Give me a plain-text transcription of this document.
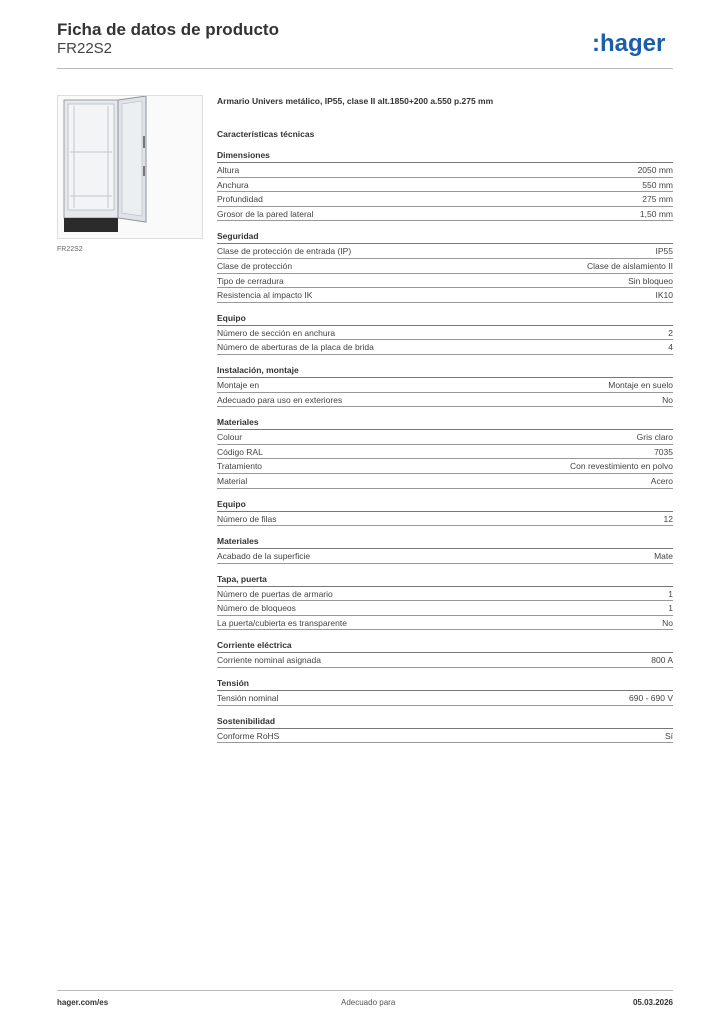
Ficha de datos de producto
FR22S2	:hager
FR22S2
Armario Univers metálico, IP55, clase II alt.1850+200 a.550 p.275 mm
Características técnicas
Dimensiones
Altura	2050 mm
Anchura	550 mm
Profundidad	275 mm
Grosor de la pared lateral	1,50 mm
Seguridad
Clase de protección de entrada (IP)	IP55
Clase de protección	Clase de aislamiento II
Tipo de cerradura	Sin bloqueo
Resistencia al impacto IK	IK10
Equipo
Número de sección en anchura	2
Número de aberturas de la placa de brida	4
Instalación, montaje
Montaje en	Montaje en suelo
Adecuado para uso en exteriores	No
Materiales
Colour	Gris claro
Código RAL	7035
Tratamiento	Con revestimiento en polvo
Material	Acero
Equipo
Número de filas	12
Materiales
Acabado de la superficie	Mate
Tapa, puerta
Número de puertas de armario	1
Número de bloqueos	1
La puerta/cubierta es transparente	No
Corriente eléctrica
Corriente nominal asignada	800 A
Tensión
Tensión nominal	690 - 690 V
Sostenibilidad
Conforme RoHS	Sí
hager.com/es	Adecuado para	05.03.2026
